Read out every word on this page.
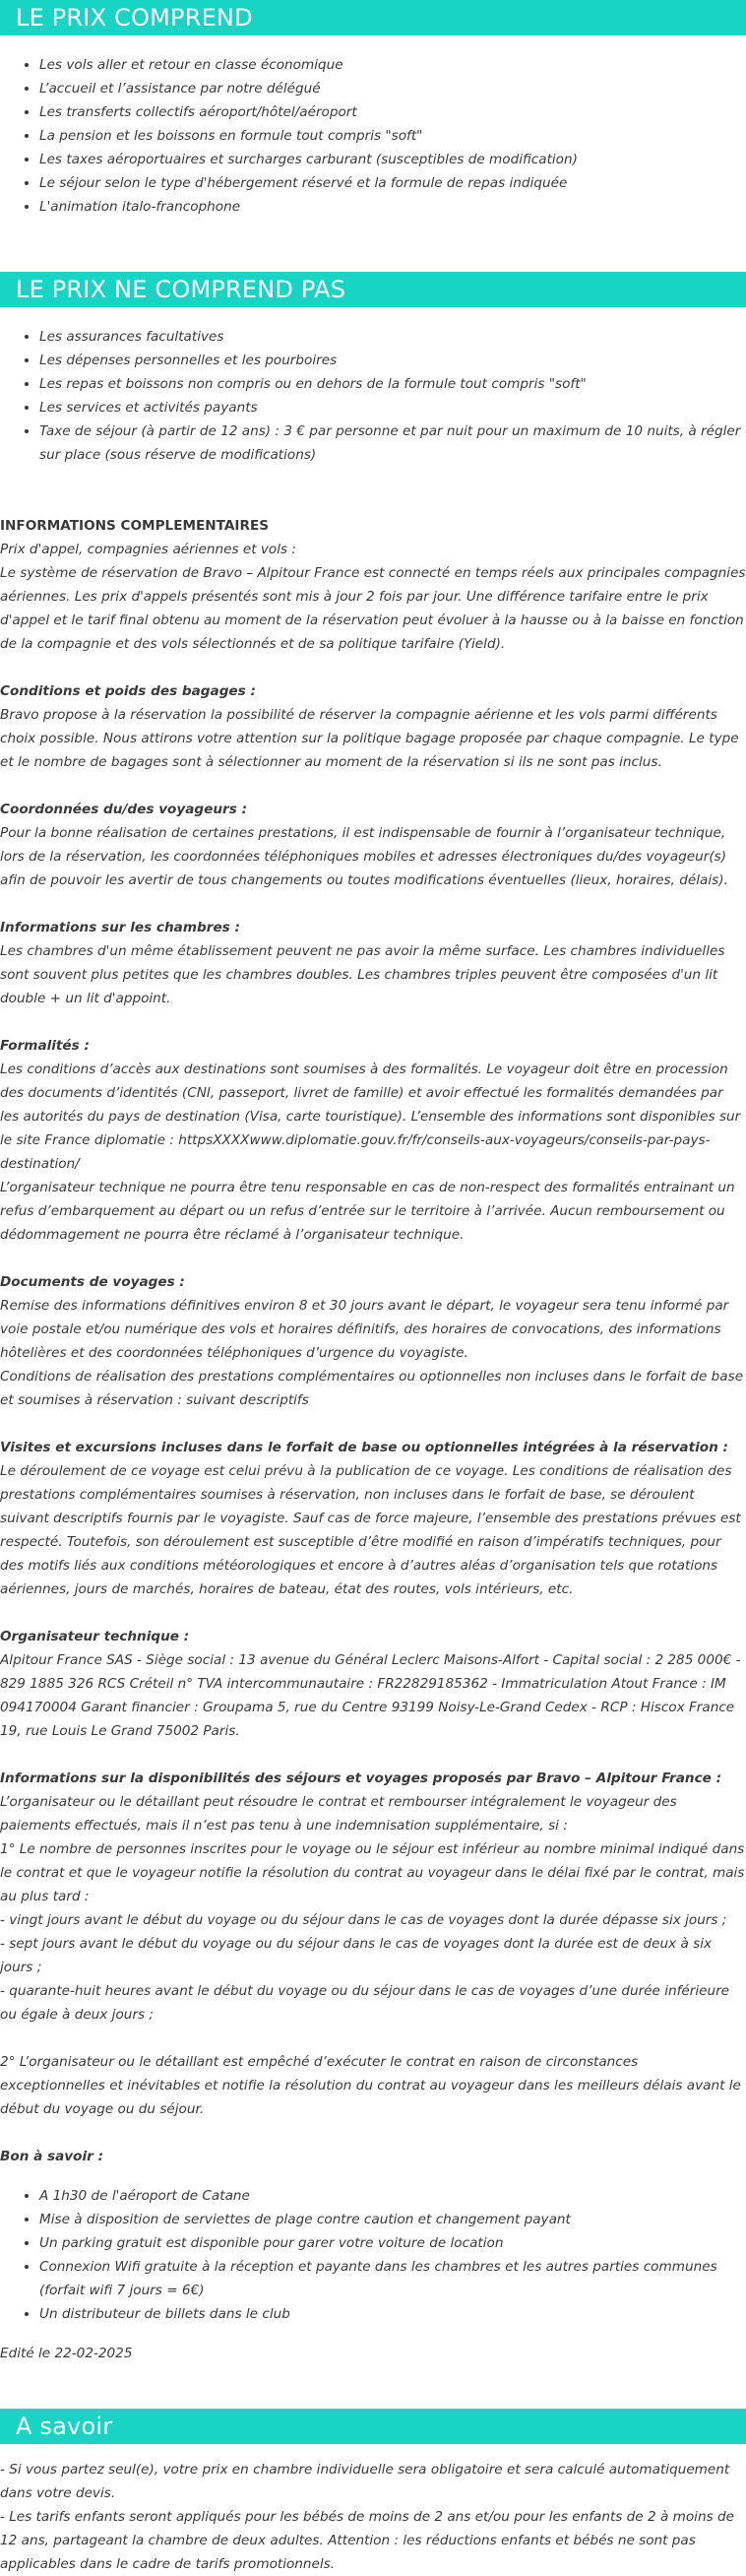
LE PRIX COMPREND
• Les vols aller et retour en classe économique
• L’accueil et l’assistance par notre délégué
• Les transferts collectifs aéroport/hôtel/aéroport
• La pension et les boissons en formule tout compris "soft"
• Les taxes aéroportuaires et surcharges carburant (susceptibles de modification)
• Le séjour selon le type d'hébergement réservé et la formule de repas indiquée
• L'animation italo-francophone
LE PRIX NE COMPREND PAS
• Les assurances facultatives
• Les dépenses personnelles et les pourboires
• Les repas et boissons non compris ou en dehors de la formule tout compris "soft"
• Les services et activités payants
• Taxe de séjour (à partir de 12 ans) : 3 € par personne et par nuit pour un maximum de 10 nuits, à régler sur place (sous réserve de modifications)

INFORMATIONS COMPLEMENTAIRES

Prix d'appel, compagnies aériennes et vols :

Le système de réservation de Bravo – Alpitour France est connecté en temps réels aux principales compagnies aériennes. Les prix d'appels présentés sont mis à jour 2 fois par jour. Une différence tarifaire entre le prix d'appel et le tarif final obtenu au moment de la réservation peut évoluer à la hausse ou à la baisse en fonction de la compagnie et des vols sélectionnés et de sa politique tarifaire (Yield).

Conditions et poids des bagages :

Bravo propose à la réservation la possibilité de réserver la compagnie aérienne et les vols parmi différents choix possible. Nous attirons votre attention sur la politique bagage proposée par chaque compagnie. Le type et le nombre de bagages sont à sélectionner au moment de la réservation si ils ne sont pas inclus.

Coordonnées du/des voyageurs :

Pour la bonne réalisation de certaines prestations, il est indispensable de fournir à l’organisateur technique, lors de la réservation, les coordonnées téléphoniques mobiles et adresses électroniques du/des voyageur(s) afin de pouvoir les avertir de tous changements ou toutes modifications éventuelles (lieux, horaires, délais).

Informations sur les chambres :

Les chambres d'un même établissement peuvent ne pas avoir la même surface. Les chambres individuelles sont souvent plus petites que les chambres doubles. Les chambres triples peuvent être composées d'un lit double + un lit d'appoint.

Formalités :

Les conditions d’accès aux destinations sont soumises à des formalités. Le voyageur doit être en procession des documents d’identités (CNI, passeport, livret de famille) et avoir effectué les formalités demandées par les autorités du pays de destination (Visa, carte touristique). L’ensemble des informations sont disponibles sur le site France diplomatie : httpsXXXXwww.diplomatie.gouv.fr/fr/conseils-aux-voyageurs/conseils-par-pays-destination/

L’organisateur technique ne pourra être tenu responsable en cas de non-respect des formalités entrainant un refus d’embarquement au départ ou un refus d’entrée sur le territoire à l’arrivée. Aucun remboursement ou dédommagement ne pourra être réclamé à l’organisateur technique.

Documents de voyages :

Remise des informations définitives environ 8 et 30 jours avant le départ, le voyageur sera tenu informé par voie postale et/ou numérique des vols et horaires définitifs, des horaires de convocations, des informations hôtelières et des coordonnées téléphoniques d’urgence du voyagiste.

Conditions de réalisation des prestations complémentaires ou optionnelles non incluses dans le forfait de base et soumises à réservation : suivant descriptifs

Visites et excursions incluses dans le forfait de base ou optionnelles intégrées à la réservation :

Le déroulement de ce voyage est celui prévu à la publication de ce voyage. Les conditions de réalisation des prestations complémentaires soumises à réservation, non incluses dans le forfait de base, se déroulent suivant descriptifs fournis par le voyagiste. Sauf cas de force majeure, l’ensemble des prestations prévues est respecté. Toutefois, son déroulement est susceptible d’être modifié en raison d’impératifs techniques, pour des motifs liés aux conditions météorologiques et encore à d’autres aléas d’organisation tels que rotations aériennes, jours de marchés, horaires de bateau, état des routes, vols intérieurs, etc.

Organisateur technique :

Alpitour France SAS - Siège social : 13 avenue du Général Leclerc Maisons-Alfort - Capital social : 2 285 000€ - 829 1885 326 RCS Créteil n° TVA intercommunautaire : FR22829185362 - Immatriculation Atout France : IM 094170004 Garant financier : Groupama 5, rue du Centre 93199 Noisy-Le-Grand Cedex - RCP : Hiscox France 19, rue Louis Le Grand 75002 Paris.

Informations sur la disponibilités des séjours et voyages proposés par Bravo – Alpitour France :

L’organisateur ou le détaillant peut résoudre le contrat et rembourser intégralement le voyageur des paiements effectués, mais il n’est pas tenu à une indemnisation supplémentaire, si :

1° Le nombre de personnes inscrites pour le voyage ou le séjour est inférieur au nombre minimal indiqué dans le contrat et que le voyageur notifie la résolution du contrat au voyageur dans le délai fixé par le contrat, mais au plus tard :

- vingt jours avant le début du voyage ou du séjour dans le cas de voyages dont la durée dépasse six jours ;

- sept jours avant le début du voyage ou du séjour dans le cas de voyages dont la durée est de deux à six jours ;

- quarante-huit heures avant le début du voyage ou du séjour dans le cas de voyages d’une durée inférieure ou égale à deux jours ;

2° L’organisateur ou le détaillant est empêché d’exécuter le contrat en raison de circonstances exceptionnelles et inévitables et notifie la résolution du contrat au voyageur dans les meilleurs délais avant le début du voyage ou du séjour.

Bon à savoir :

• A 1h30 de l'aéroport de Catane
• Mise à disposition de serviettes de plage contre caution et changement payant
• Un parking gratuit est disponible pour garer votre voiture de location
• Connexion Wifi gratuite à la réception et payante dans les chambres et les autres parties communes (forfait wifi 7 jours = 6€)
• Un distributeur de billets dans le club

Edité le 22-02-2025

A savoir

- Si vous partez seul(e), votre prix en chambre individuelle sera obligatoire et sera calculé automatiquement dans votre devis.

- Les tarifs enfants seront appliqués pour les bébés de moins de 2 ans et/ou pour les enfants de 2 à moins de 12 ans, partageant la chambre de deux adultes. Attention : les réductions enfants et bébés ne sont pas applicables dans le cadre de tarifs promotionnels.
